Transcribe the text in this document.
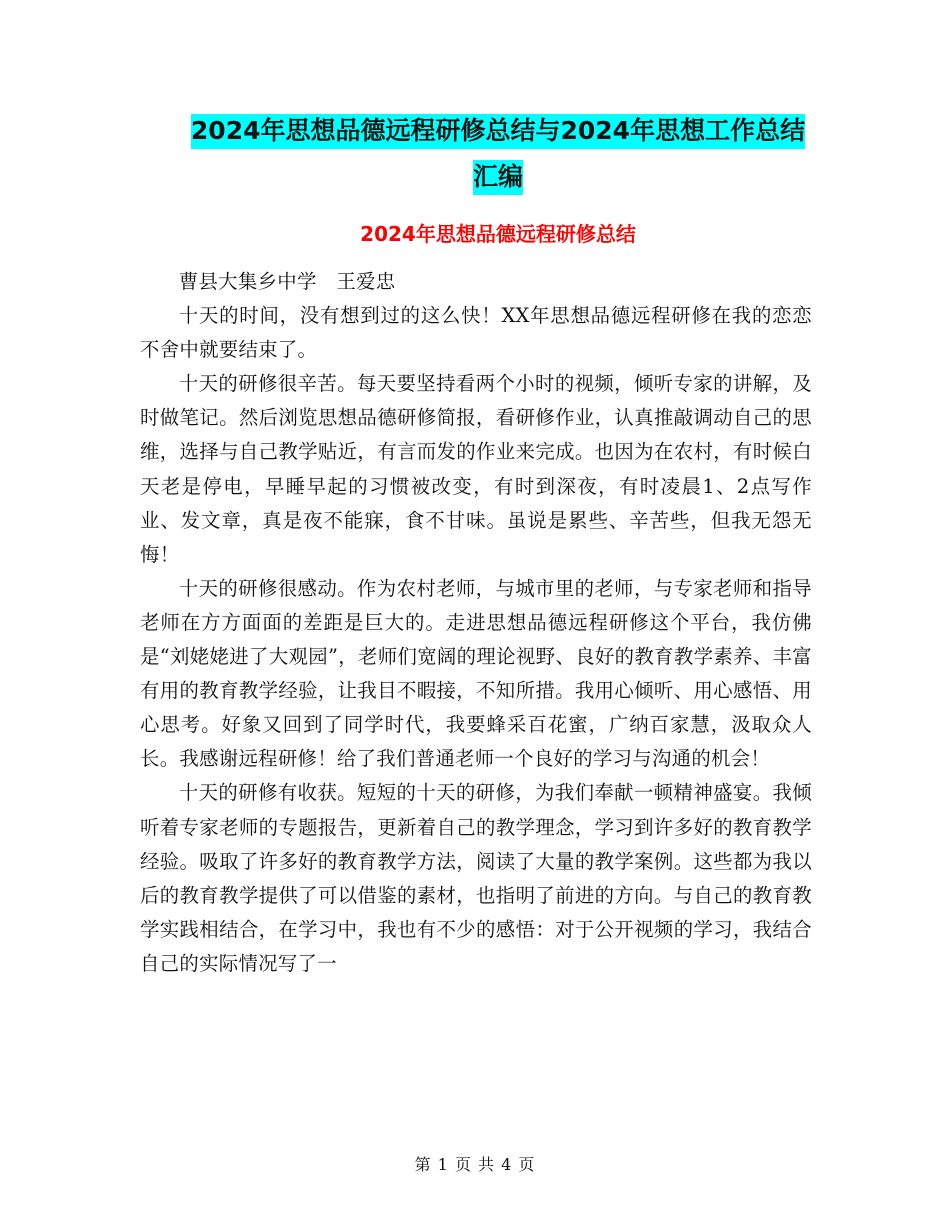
2024年思想品德远程研修总结与2024年思想工作总结
汇编
2024年思想品德远程研修总结

曹县大集乡中学　王爱忠

十天的时间，没有想到过的这么快！XX年思想品德远程研修在我的恋恋不舍中就要结束了。

十天的研修很辛苦。每天要坚持看两个小时的视频，倾听专家的讲解，及时做笔记。然后浏览思想品德研修简报，看研修作业，认真推敲调动自己的思维，选择与自己教学贴近，有言而发的作业来完成。也因为在农村，有时候白天老是停电，早睡早起的习惯被改变，有时到深夜，有时凌晨1、2点写作业、发文章，真是夜不能寐，食不甘味。虽说是累些、辛苦些，但我无怨无悔！

十天的研修很感动。作为农村老师，与城市里的老师，与专家老师和指导老师在方方面面的差距是巨大的。走进思想品德远程研修这个平台，我仿佛是“刘姥姥进了大观园”，老师们宽阔的理论视野、良好的教育教学素养、丰富有用的教育教学经验，让我目不暇接，不知所措。我用心倾听、用心感悟、用心思考。好象又回到了同学时代，我要蜂采百花蜜，广纳百家慧，汲取众人长。我感谢远程研修！给了我们普通老师一个良好的学习与沟通的机会！

十天的研修有收获。短短的十天的研修，为我们奉献一顿精神盛宴。我倾听着专家老师的专题报告，更新着自己的教学理念，学习到许多好的教育教学经验。吸取了许多好的教育教学方法，阅读了大量的教学案例。这些都为我以后的教育教学提供了可以借鉴的素材，也指明了前进的方向。与自己的教育教学实践相结合，在学习中，我也有不少的感悟：对于公开视频的学习，我结合自己的实际情况写了一

第 1 页 共 4 页
